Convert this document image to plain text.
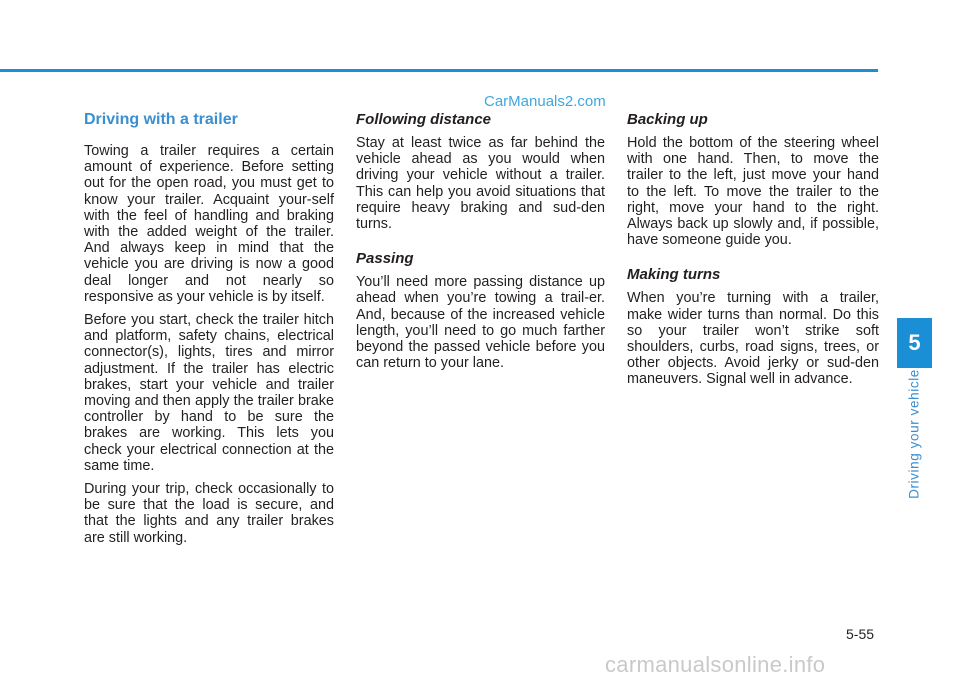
CarManuals2.com
Driving with a trailer

Towing a trailer requires a certain amount of experience. Before setting out for the open road, you must get to know your trailer. Acquaint your-self with the feel of handling and braking with the added weight of the trailer. And always keep in mind that the vehicle you are driving is now a good deal longer and not nearly so responsive as your vehicle is by itself.

Before you start, check the trailer hitch and platform, safety chains, electrical connector(s), lights, tires and mirror adjustment. If the trailer has electric brakes, start your vehicle and trailer moving and then apply the trailer brake controller by hand to be sure the brakes are working. This lets you check your electrical connection at the same time.

During your trip, check occasionally to be sure that the load is secure, and that the lights and any trailer brakes are still working.

Following distance

Stay at least twice as far behind the vehicle ahead as you would when driving your vehicle without a trailer. This can help you avoid situations that require heavy braking and sud-den turns.

Passing

You’ll need more passing distance up ahead when you’re towing a trail-er. And, because of the increased vehicle length, you’ll need to go much farther beyond the passed vehicle before you can return to your lane.

Backing up

Hold the bottom of the steering wheel with one hand. Then, to move the trailer to the left, just move your hand to the left. To move the trailer to the right, move your hand to the right. Always back up slowly and, if possible, have someone guide you.

Making turns

When you’re turning with a trailer, make wider turns than normal. Do this so your trailer won’t strike soft shoulders, curbs, road signs, trees, or other objects. Avoid jerky or sud-den maneuvers. Signal well in advance.

5
Driving your vehicle
5-55
carmanualsonline.info
